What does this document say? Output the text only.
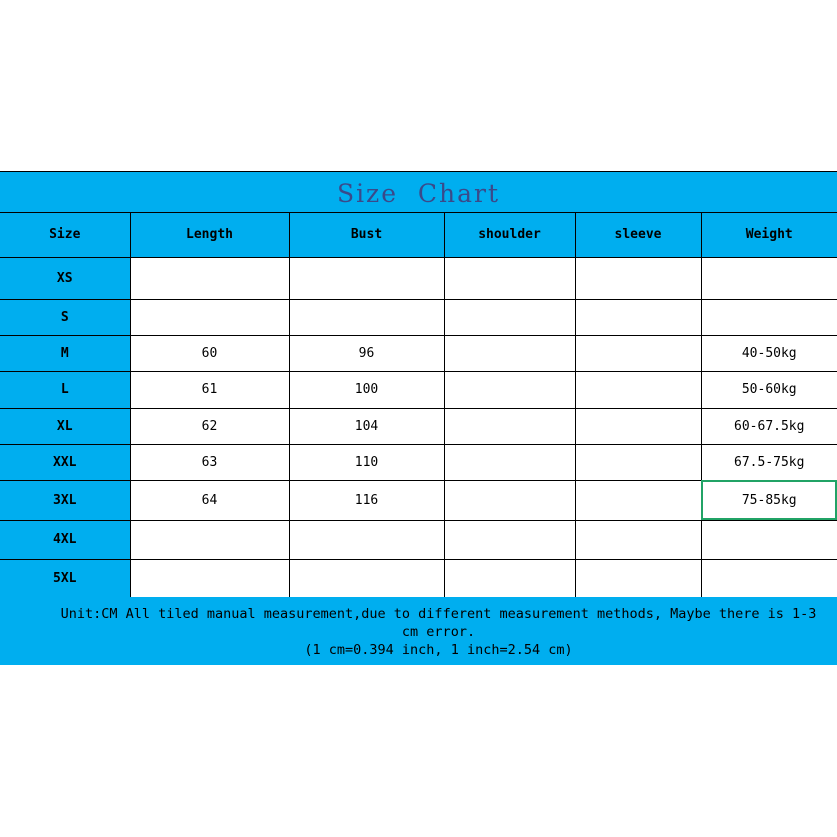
Size  Chart
Size	Length	Bust	shoulder	sleeve	Weight
XS					
S					
M	60	96			40-50kg
L	61	100			50-60kg
XL	62	104			60-67.5kg
XXL	63	110			67.5-75kg
3XL	64	116			75-85kg
4XL					
5XL					
Unit:CM All tiled manual measurement,due to different measurement methods, Maybe there is 1-3 cm error.
(1 cm=0.394 inch, 1 inch=2.54 cm)
